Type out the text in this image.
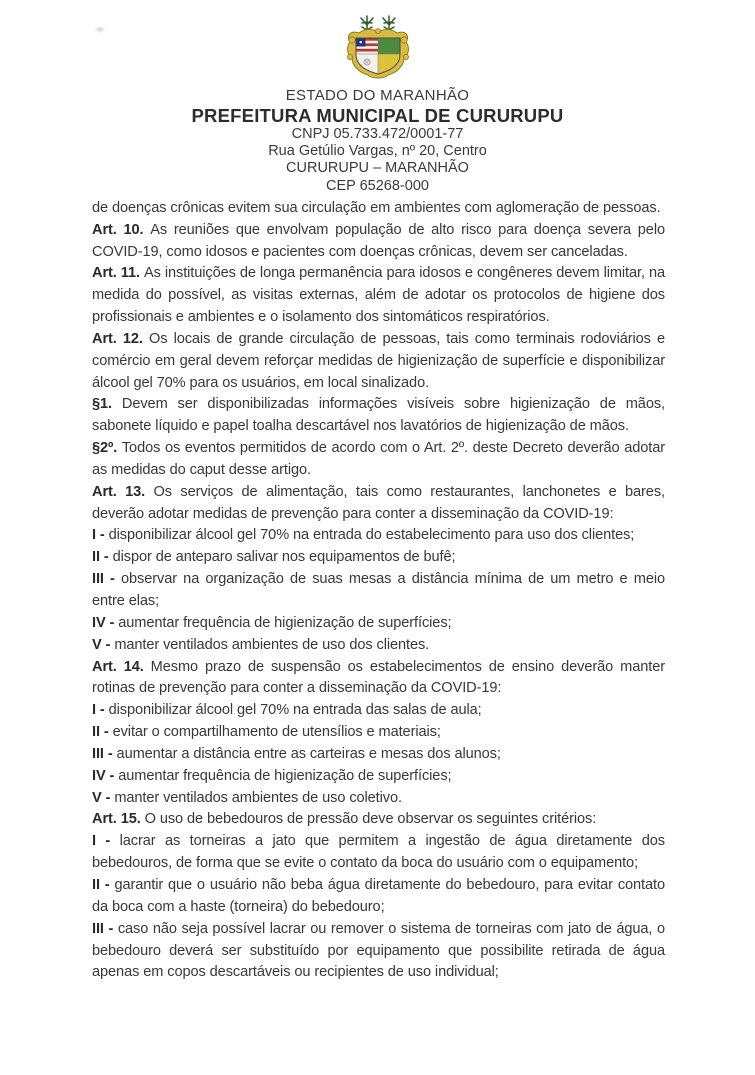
ESTADO DO MARANHÃO
PREFEITURA MUNICIPAL DE CURURUPU
CNPJ 05.733.472/0001-77
Rua Getúlio Vargas, nº 20, Centro
CURURUPU – MARANHÃO
CEP 65268-000

de doenças crônicas evitem sua circulação em ambientes com aglomeração de pessoas.

Art. 10. As reuniões que envolvam população de alto risco para doença severa pelo COVID-19, como idosos e pacientes com doenças crônicas, devem ser canceladas.

Art. 11. As instituições de longa permanência para idosos e congêneres devem limitar, na medida do possível, as visitas externas, além de adotar os protocolos de higiene dos profissionais e ambientes e o isolamento dos sintomáticos respiratórios.

Art. 12. Os locais de grande circulação de pessoas, tais como terminais rodoviários e comércio em geral devem reforçar medidas de higienização de superfície e disponibilizar álcool gel 70% para os usuários, em local sinalizado.

§1. Devem ser disponibilizadas informações visíveis sobre higienização de mãos, sabonete líquido e papel toalha descartável nos lavatórios de higienização de mãos.

§2º. Todos os eventos permitidos de acordo com o Art. 2º. deste Decreto deverão adotar as medidas do caput desse artigo.

Art. 13. Os serviços de alimentação, tais como restaurantes, lanchonetes e bares, deverão adotar medidas de prevenção para conter a disseminação da COVID-19:

I - disponibilizar álcool gel 70% na entrada do estabelecimento para uso dos clientes;

II - dispor de anteparo salivar nos equipamentos de bufê;

III - observar na organização de suas mesas a distância mínima de um metro e meio entre elas;

IV - aumentar frequência de higienização de superfícies;

V - manter ventilados ambientes de uso dos clientes.

Art. 14. Mesmo prazo de suspensão os estabelecimentos de ensino deverão manter rotinas de prevenção para conter a disseminação da COVID-19:

I - disponibilizar álcool gel 70% na entrada das salas de aula;

II - evitar o compartilhamento de utensílios e materiais;

III - aumentar a distância entre as carteiras e mesas dos alunos;

IV - aumentar frequência de higienização de superfícies;

V - manter ventilados ambientes de uso coletivo.

Art. 15. O uso de bebedouros de pressão deve observar os seguintes critérios:

I - lacrar as torneiras a jato que permitem a ingestão de água diretamente dos bebedouros, de forma que se evite o contato da boca do usuário com o equipamento;

II - garantir que o usuário não beba água diretamente do bebedouro, para evitar contato da boca com a haste (torneira) do bebedouro;

III - caso não seja possível lacrar ou remover o sistema de torneiras com jato de água, o bebedouro deverá ser substituído por equipamento que possibilite retirada de água apenas em copos descartáveis ou recipientes de uso individual;
